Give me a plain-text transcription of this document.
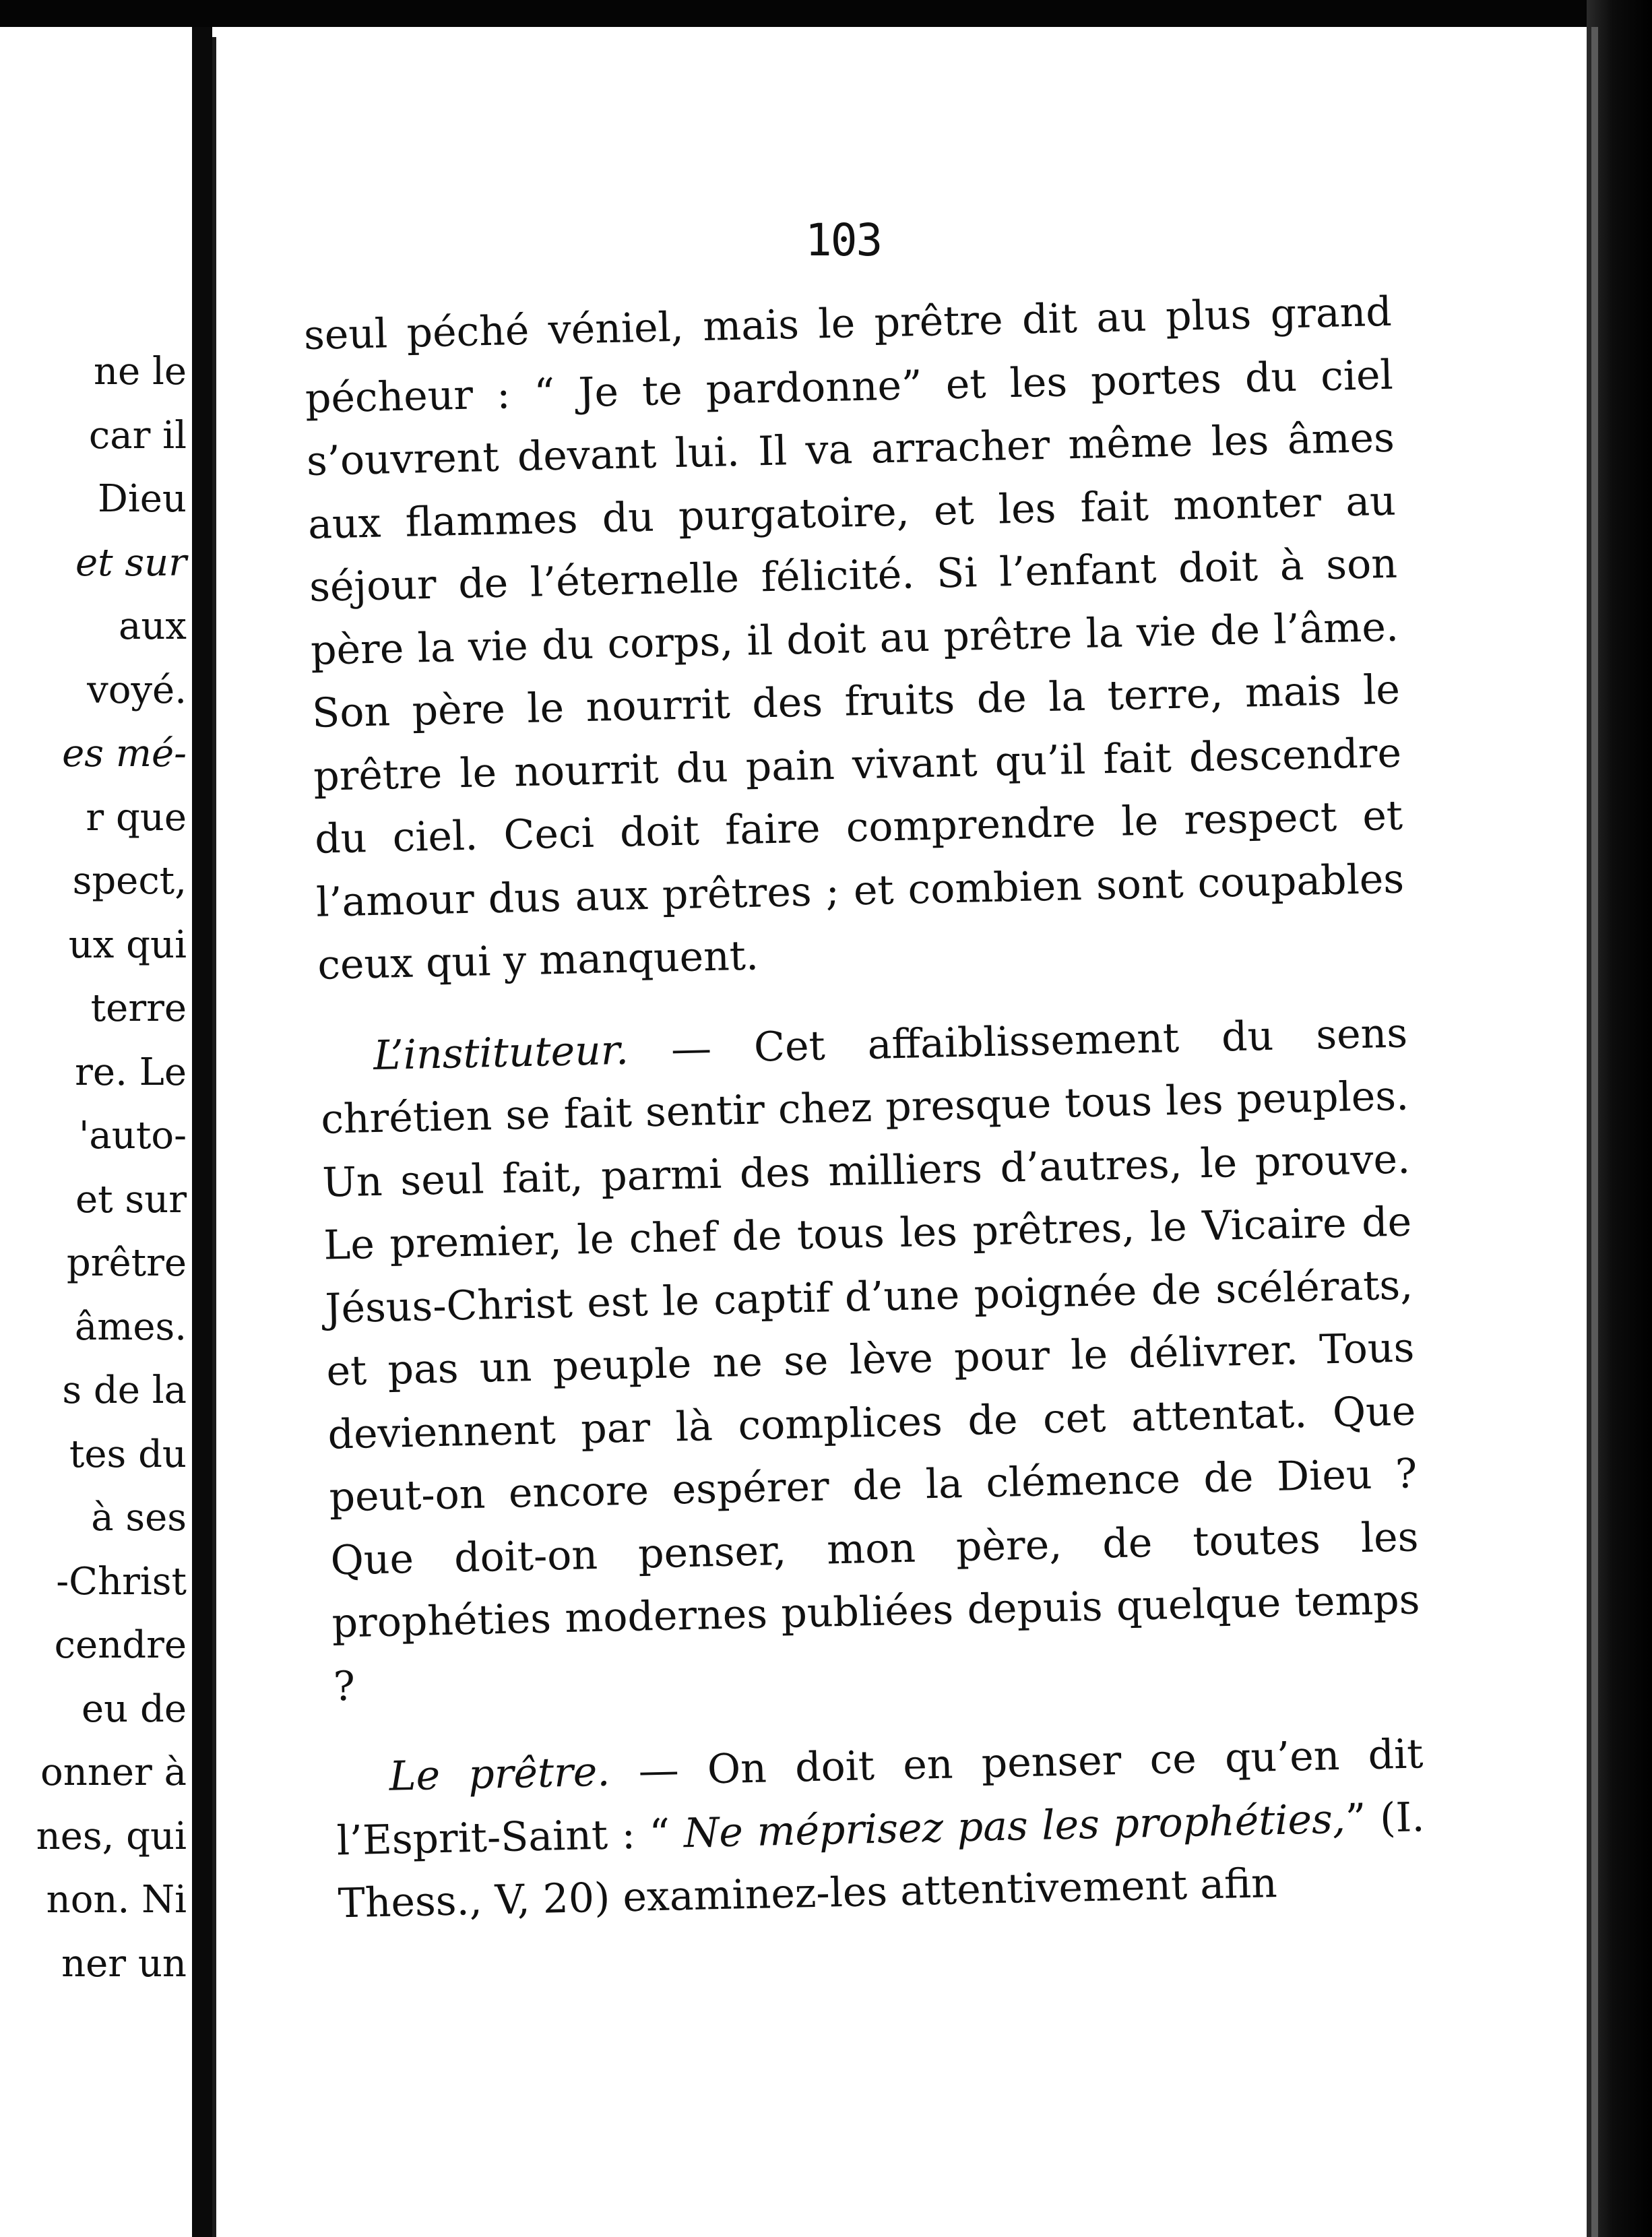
ne le
car il
Dieu
et sur
aux
voyé.
es mé-
r que
spect,
ux qui
terre
re. Le
'auto-
et sur
prêtre
âmes.
s de la
tes du
à ses
-Christ
cendre
eu de
onner à
nes, qui
non. Ni
ner un
103

seul péché véniel, mais le prêtre dit au plus grand pécheur : “ Je te pardonne” et les portes du ciel s’ouvrent devant lui. Il va arracher même les âmes aux flammes du purgatoire, et les fait monter au séjour de l’éternelle félicité. Si l’enfant doit à son père la vie du corps, il doit au prêtre la vie de l’âme. Son père le nourrit des fruits de la terre, mais le prêtre le nourrit du pain vivant qu’il fait descendre du ciel. Ceci doit faire comprendre le respect et l’amour dus aux prêtres ; et combien sont coupables ceux qui y manquent.

L’instituteur. — Cet affaiblissement du sens chrétien se fait sentir chez presque tous les peuples. Un seul fait, parmi des milliers d’autres, le prouve. Le premier, le chef de tous les prêtres, le Vicaire de Jésus-Christ est le captif d’une poignée de scélérats, et pas un peuple ne se lève pour le délivrer. Tous deviennent par là complices de cet attentat. Que peut-on encore espérer de la clémence de Dieu ? Que doit-on penser, mon père, de toutes les prophéties modernes publiées depuis quelque temps ?

Le prêtre. — On doit en penser ce qu’en dit l’Esprit-Saint : “ Ne méprisez pas les prophéties,” (I. Thess., V, 20) examinez-les attentivement afin
